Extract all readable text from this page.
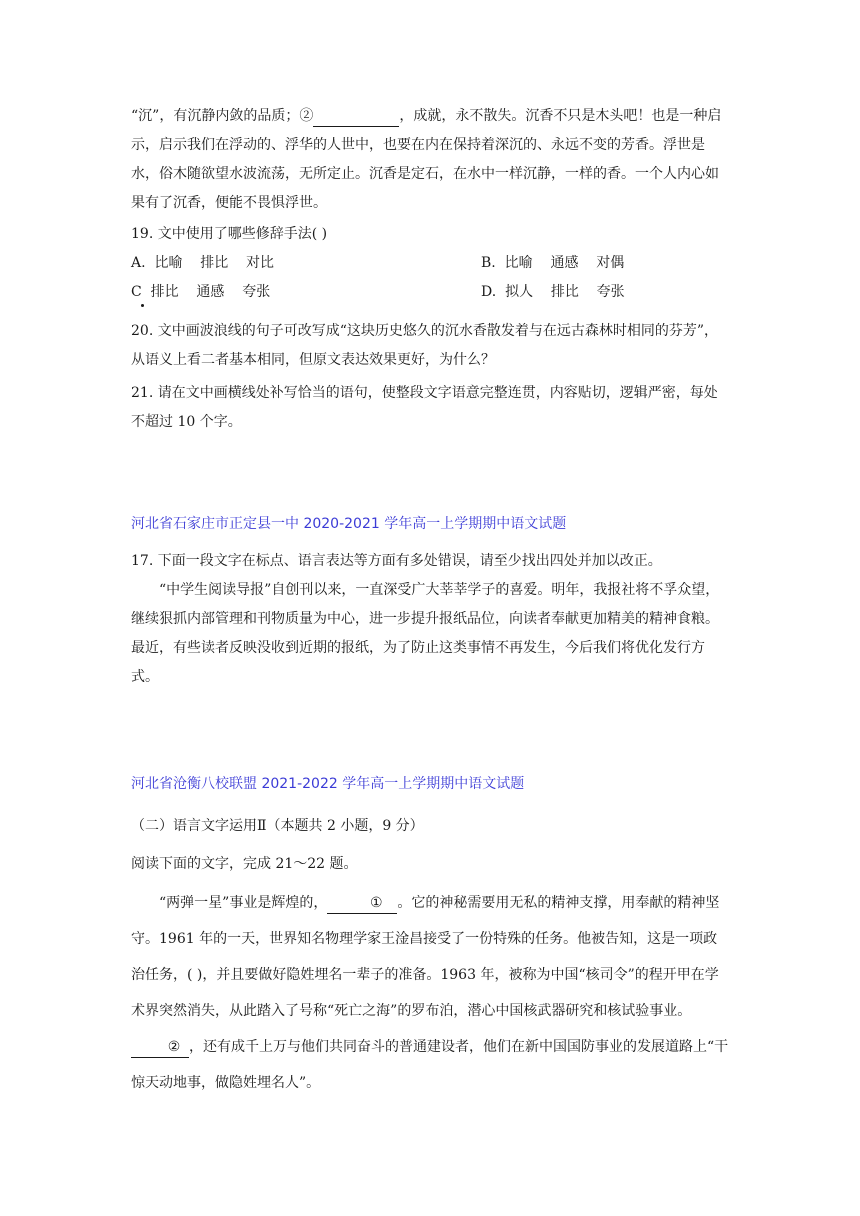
“沉”，有沉静内敛的品质；②	，成就，永不散失。沉香不只是木头吧！也是一种启示，启示我们在浮动的、浮华的人世中，也要在内在保持着深沉的、永远不变的芳香。浮世是水，俗木随欲望水波流荡，无所定止。沉香是定石，在水中一样沉静，一样的香。一个人内心如果有了沉香，便能不畏惧浮世。

19. 文中使用了哪些修辞手法( )

A.  比喻    排比    对比	B.  比喻    通感    对偶
C  排比    通感    夸张	D.  拟人    排比    夸张

20. 文中画波浪线的句子可改写成“这块历史悠久的沉水香散发着与在远古森林时相同的芬芳”，从语义上看二者基本相同，但原文表达效果更好，为什么？

21. 请在文中画横线处补写恰当的语句，使整段文字语意完整连贯，内容贴切，逻辑严密，每处不超过 10 个字。

河北省石家庄市正定县一中 2020-2021 学年高一上学期期中语文试题

17. 下面一段文字在标点、语言表达等方面有多处错误，请至少找出四处并加以改正。

“中学生阅读导报”自创刊以来，一直深受广大莘莘学子的喜爱。明年，我报社将不孚众望，继续狠抓内部管理和刊物质量为中心，进一步提升报纸品位，向读者奉献更加精美的精神食粮。最近，有些读者反映没收到近期的报纸，为了防止这类事情不再发生，今后我们将优化发行方式。

河北省沧衡八校联盟 2021-2022 学年高一上学期期中语文试题

（二）语言文字运用Ⅱ（本题共 2 小题，9 分）

阅读下面的文字，完成 21～22 题。

“两弹一星”事业是辉煌的，	① 。它的神秘需要用无私的精神支撑，用奉献的精神坚守。1961 年的一天，世界知名物理学家王淦昌接受了一份特殊的任务。他被告知，这是一项政治任务，( )，并且要做好隐姓埋名一辈子的准备。1963 年，被称为中国“核司令”的程开甲在学术界突然消失，从此踏入了号称“死亡之海”的罗布泊，潜心中国核武器研究和核试验事业。② ，还有成千上万与他们共同奋斗的普通建设者，他们在新中国国防事业的发展道路上“干惊天动地事，做隐姓埋名人”。
